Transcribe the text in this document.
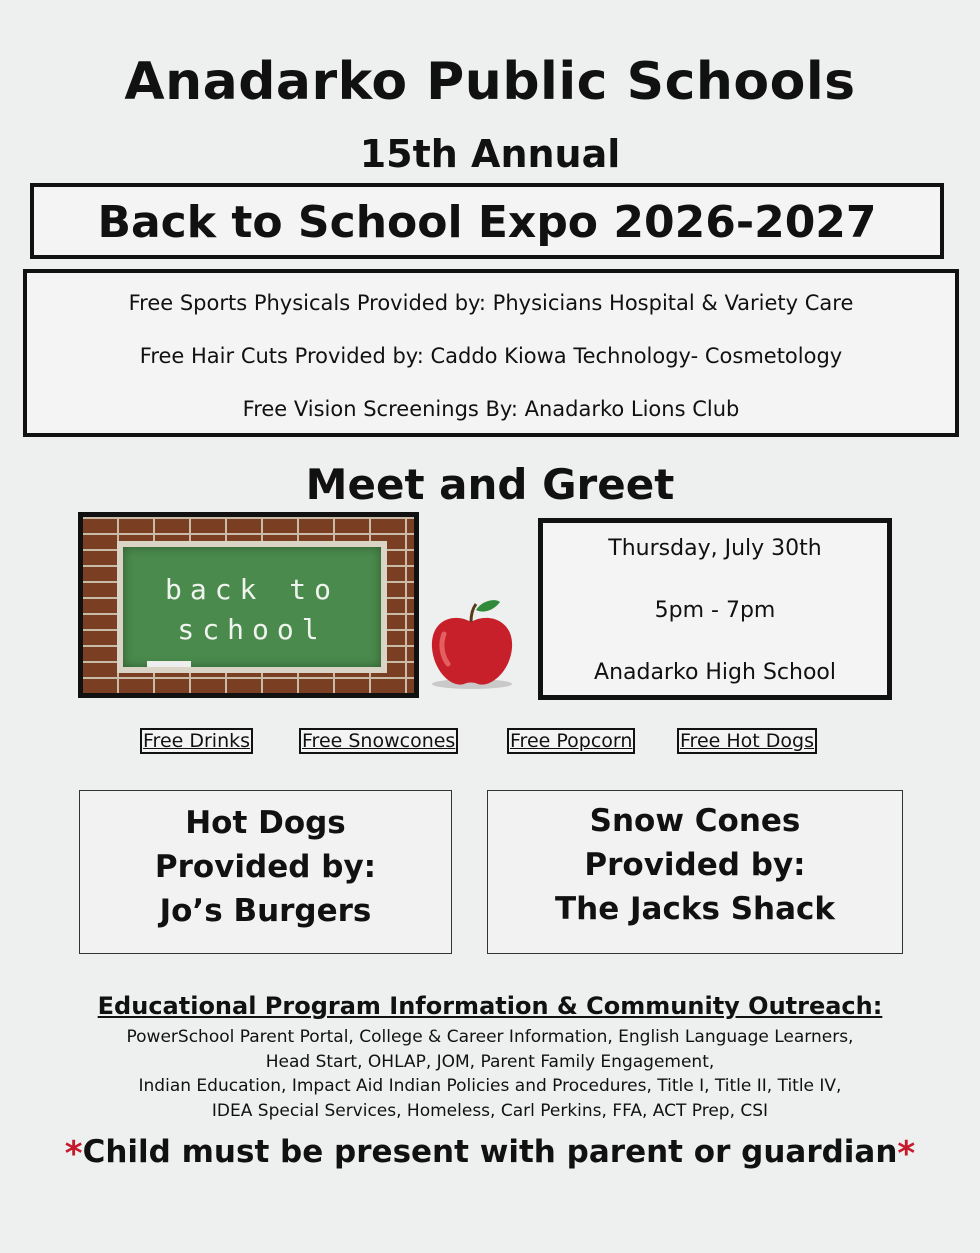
Anadarko Public Schools
15th Annual
Back to School Expo 2026-2027
Free Sports Physicals Provided by: Physicians Hospital & Variety Care
Free Hair Cuts Provided by: Caddo Kiowa Technology- Cosmetology
Free Vision Screenings By: Anadarko Lions Club
Meet and Greet
back to
school
Thursday, July 30th
5pm - 7pm
Anadarko High School
Free Drinks	Free Snowcones	Free Popcorn	Free Hot Dogs
Hot Dogs
Provided by:
Jo’s Burgers
Snow Cones
Provided by:
The Jacks Shack
Educational Program Information & Community Outreach:
PowerSchool Parent Portal, College & Career Information, English Language Learners,
Head Start, OHLAP, JOM, Parent Family Engagement,
Indian Education, Impact Aid Indian Policies and Procedures, Title I, Title II, Title IV,
IDEA Special Services, Homeless, Carl Perkins, FFA, ACT Prep, CSI
*Child must be present with parent or guardian*
